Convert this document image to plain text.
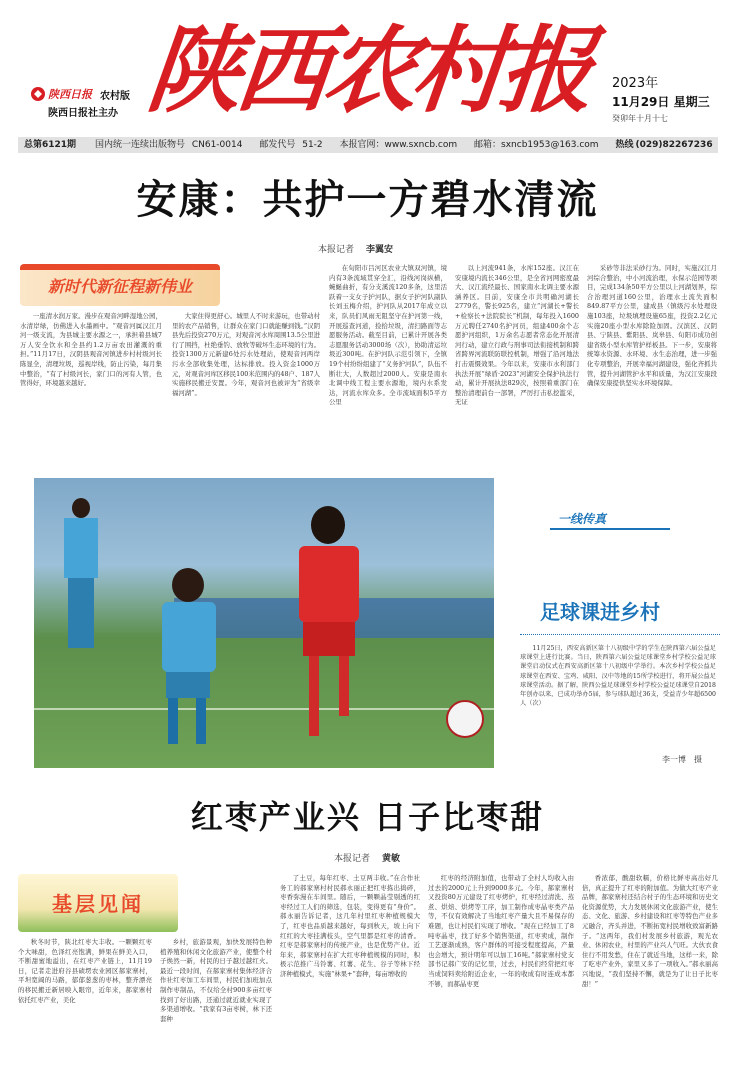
陕西日报 农村版
陕西日报社主办 陕西农村报	2023年
11月29日 星期三
癸卯年十月十七
总第6121期 国内统一连续出版物号 CN61-0014 邮发代号 51-2 本报官网：www.sxncb.com 邮箱：sxncb1953@163.com 热线 (029)82267236
安康：共护一方碧水清流
本报记者 李翼安
新时代新征程新伟业

一座清水润万家。漫步在观音河畔湿地公园，水清岸绿，仿佛进入水墨画中。“观音河属汉江月河一级支流，为县城主要水源之一，承担着县城7万人安全饮水和全县约1.2万亩农田灌溉的重担。”11月17日，汉阴县观音河镇进步村村级河长陈显全，清理垃圾，巡视岸线，防止污染，每月集中整治，“有了村级河长，家门口的河有人管，也管得好，环境越来越好。

大家住得更舒心。城里人不时来游玩，也带动村里的农产品销售，让群众在家门口就能赚到钱。”汉阴县先后投资270万元，对观音河水库周围13.5公里进行了围挡，杜绝垂钓、放牧等破坏生态环境的行为。投资1300万元新建6处污水处理站，使观音河两岸污水全部收集处理，达标排放。投入资金1000万元，对观音河库区移民100米范围内的48户、187人实施移民搬迁安置。今年，观音河也被评为“省级幸福河湖”。

在旬阳市吕河区农业大镇双河镇，境内有3条流域贯穿全汇，沿线河岗纵横，蜿蜒曲折，有分支溪流120多条，这里活跃着一支女子护河队，据女子护河队副队长刘玉梅介绍，护河队从2017年成立以来，队员们风雨无阻坚守在护河第一线，开展巡查河道，捡拾垃圾，清扫路面等志愿服务活动。截至目前，已累计开展各类志愿服务活动3000场（次），协助清运垃圾近300吨。在护河队示范引领下，全镇19个村纷纷组建了“义务护河队”，队伍不断壮大，人数超过2000人。安康是南水北调中线工程主要水源地，境内水系发达，河流水库众多。全市流域面积5平方公里

以上河流941条，水库152座。汉江在安康境内流长346公里，是全省河网密度最大、汉江流经最长、国家南水北调主要水源涵养区。目前，安康全市共明确河湖长2779名，警长925名，建立“河湖长+警长+检察长+法院院长”机制，每年投入1600万元聘任2740名护河员，组建400余个志愿护河组织，1万余名志愿者常态化开展清河行动，建立行政与刑事司法衔接机制和跨省跨界河流联防联控机制，增强了沿河地法打击震慑效果。今年以来，安康市水利部门执法开展“绿盾·2023”河湖安全保护执法行动，累计开展执法829次，按照着重部门在整治清理前台一部署，严厉打击私挖滥采，无证

采砂等非法采砂行为。同时，实施汉江月河综合整治，中小河流治理，水保示范园等项目，完成134条50平方公里以上河湖划界，综合治理河道160公里，治理水土流失面积849.87平方公里，建成县（镇级污水处理设施103座，垃圾填埋设施65座，投资2.2亿元实施20座小型水库除险加固。汉滨区、汉阴县、宁陕县、紫阳县、岚皋县、旬阳市成功创建省级小型水库管护样板县。下一步，安康将统筹水资源、水环境、水生态治理，进一步强化专项整治，开展幸福河湖建设，强化齐抓共管，提升河湖管护水平和质量，为汉江安康段确保安康提供坚实水环境保障。

一线传真
足球课进乡村

11月25日，西安高新区第十八初级中学的学生在陕西第六届公益足球课堂上进行比赛。当日，陕西第六届公益足球课堂乡村学校公益足球课堂启动仪式在西安高新区第十八初级中学举行。本次乡村学校公益足球课堂在西安、宝鸡、咸阳、汉中等地的15所学校进行，将开展公益足球课堂活动。据了解，陕西公益足球课堂乡村学校公益足球课堂自2018年创办以来，已成功举办5届，参与球队超过36支，受益青少年超6500人（次）

李一博 摄
红枣产业兴 日子比枣甜
本报记者 黄敏
基层见闻

秋冬时节，陕北红枣大丰收。一颗颗红枣个大味甜，色泽红亮饱满，鲜果在鲜美入口，不断甜蜜地溢出，在红枣产业链上，11月19日，记者走进府谷县碛塄农业园区郝家寨村，平坦宽阔的马路，郁郁葱葱的枣林，整齐漂亮的移民搬迁新居映入眼帘，近年来，郝家寨村依托红枣产业，美化

乡村，旅游景观，加快发展特色种植养殖和休闲文化旅游产业，使整个村子焕然一新，村民的日子越过越红火。最近一段时间，在郝家寨村集体经济合作社红枣加工车间里，村民们加班加点制作枣制品，不仅给全村900多亩红枣找到了好出路，还通过就近就业实现了多渠道增收。“我家有3亩枣树，林下还套种

了土豆，每年红枣、土豆两丰收。”在合作社务工的郝家寨村村民郝永丽正把红枣拣出捣碎，枣香弥漫在车间里。随后，一颗颗晶莹剔透的红枣经过工人们的筛选，包装，变得更有“身价”。郝永丽告诉记者，这几年村里红枣种植规模大了，红枣也品质越来越好，每到秋天，坡上向下红红的大枣挂满枝头，空气里都是红枣的清香。红枣是郝家寨村的传统产业，也是优势产业。近年来，郝家寨村在扩大红枣种植规模的同时，积极示范推广马铃薯、红薯、花生、谷子等林下经济种植模式，实施“林果+”套种，每亩增收的

红枣的经济附加值，也带动了全村人均收入由过去的2000元上升到9000多元。今年，郝家寨村又投资80万元建设了红枣烤炉，红枣经过清洗、蒸煮、烘焙、烘烤等工序，加工制作成枣晶枣类产品等，不仅有效解决了当地红枣产量大且不易保存的难题，也让村民们实现了增收。“现在已经加工了8吨枣晶枣，找了好多个销售渠道，红枣卖成，制作工艺逐渐成熟，客户群体的可接受程度提高，产量也会增大，预计明年可以加工16吨。”郝家寨村党支部书记郝广安的记忆里，过去，村民们经常把红枣当成饲料卖给附近企业，一年的收成有时连成本都不够，而郝晶枣更

香浓郁，酸甜软糯，价格比鲜枣高出好几倍，真正提升了红枣的附加值。为做大红枣产业品牌，郝家寨村还结合村子的生态环境和历史文化资源优势，大力发展休闲文化旅游产业，使生态、文化、旅游、乡村建设和红枣等特色产业多元融合，齐头并进，不断拓宽村民增收致富新路子。“这两年，我们村发展乡村旅游，观光农业、休闲农业，村里的产业兴人气旺。大伙衣食住行不用发愁，住在了就近当地，这样一来，除了吃枣产业外，家里又多了一项收入。”郝永丽高兴地说，“我们坚持不懈，就是为了让日子比枣甜！”
